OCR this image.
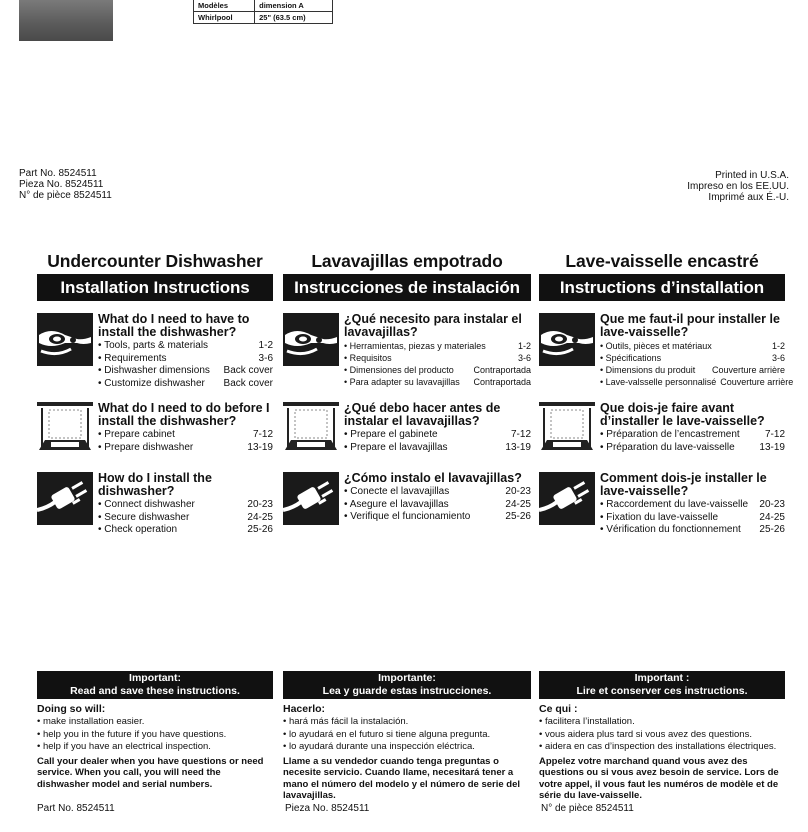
Modèles	dimension A
Whirlpool	25" (63.5 cm)
Part No. 8524511
Pieza No. 8524511
N° de pièce 8524511
Printed in U.S.A.
Impreso en los EE.UU.
Imprimé aux É.-U.
Undercounter Dishwasher
Installation Instructions
What do I need to have to install the dishwasher?
• Tools, parts & materials	1-2
• Requirements	3-6
• Dishwasher dimensions	Back cover
• Customize dishwasher	Back cover
What do I need to do before I install the dishwasher?
• Prepare cabinet	7-12
• Prepare dishwasher	13-19
How do I install the dishwasher?
• Connect dishwasher	20-23
• Secure dishwasher	24-25
• Check operation	25-26
Lavavajillas empotrado
Instrucciones de instalación
¿Qué necesito para instalar el lavavajillas?
• Herramientas, piezas y materiales	1-2
• Requisitos	3-6
• Dimensiones del producto	Contraportada
• Para adapter su lavavajillas	Contraportada
¿Qué debo hacer antes de instalar el lavavajillas?
• Prepare el gabinete	7-12
• Prepare el lavavajillas	13-19
¿Cómo instalo el lavavajillas?
• Conecte el lavavajillas	20-23
• Asegure el lavavajillas	24-25
• Verifique el funcionamiento	25-26
Lave-vaisselle encastré
Instructions d’installation
Que me faut-il pour installer le lave-vaisselle?
• Outils, pièces et matériaux	1-2
• Spécifications	3-6
• Dimensions du produit	Couverture arrière
• Lave-valsselle personnalisé Couverture arrière
Que dois-je faire avant d’installer le lave-vaisselle?
• Préparation de l’encastrement	7-12
• Préparation du lave-vaisselle	13-19
Comment dois-je installer le lave-vaisselle?
• Raccordement du lave-vaisselle	20-23
• Fixation du lave-vaisselle	24-25
• Vérification du fonctionnement	25-26
Important:
Read and save these instructions.
Doing so will:
• make installation easier.
• help you in the future if you have questions.
• help if you have an electrical inspection.
Call your dealer when you have questions or need service. When you call, you will need the dishwasher model and serial numbers.
Importante:
Lea y guarde estas instrucciones.
Hacerlo:
• hará más fácil la instalación.
• lo ayudará en el futuro si tiene alguna pregunta.
• lo ayudará durante una inspección eléctrica.
Llame a su vendedor cuando tenga preguntas o necesite servicio. Cuando llame, necesitará tener a mano el número del modelo y el número de serie del lavavajillas.
Important :
Lire et conserver ces instructions.
Ce qui :
• facilitera l’installation.
• vous aidera plus tard si vous avez des questions.
• aidera en cas d’inspection des installations électriques.
Appelez votre marchand quand vous avez des questions ou si vous avez besoin de service. Lors de votre appel, il vous faut les numéros de modèle et de série du lave-vaisselle.
Part No. 8524511	Pieza No. 8524511	N° de pièce 8524511
